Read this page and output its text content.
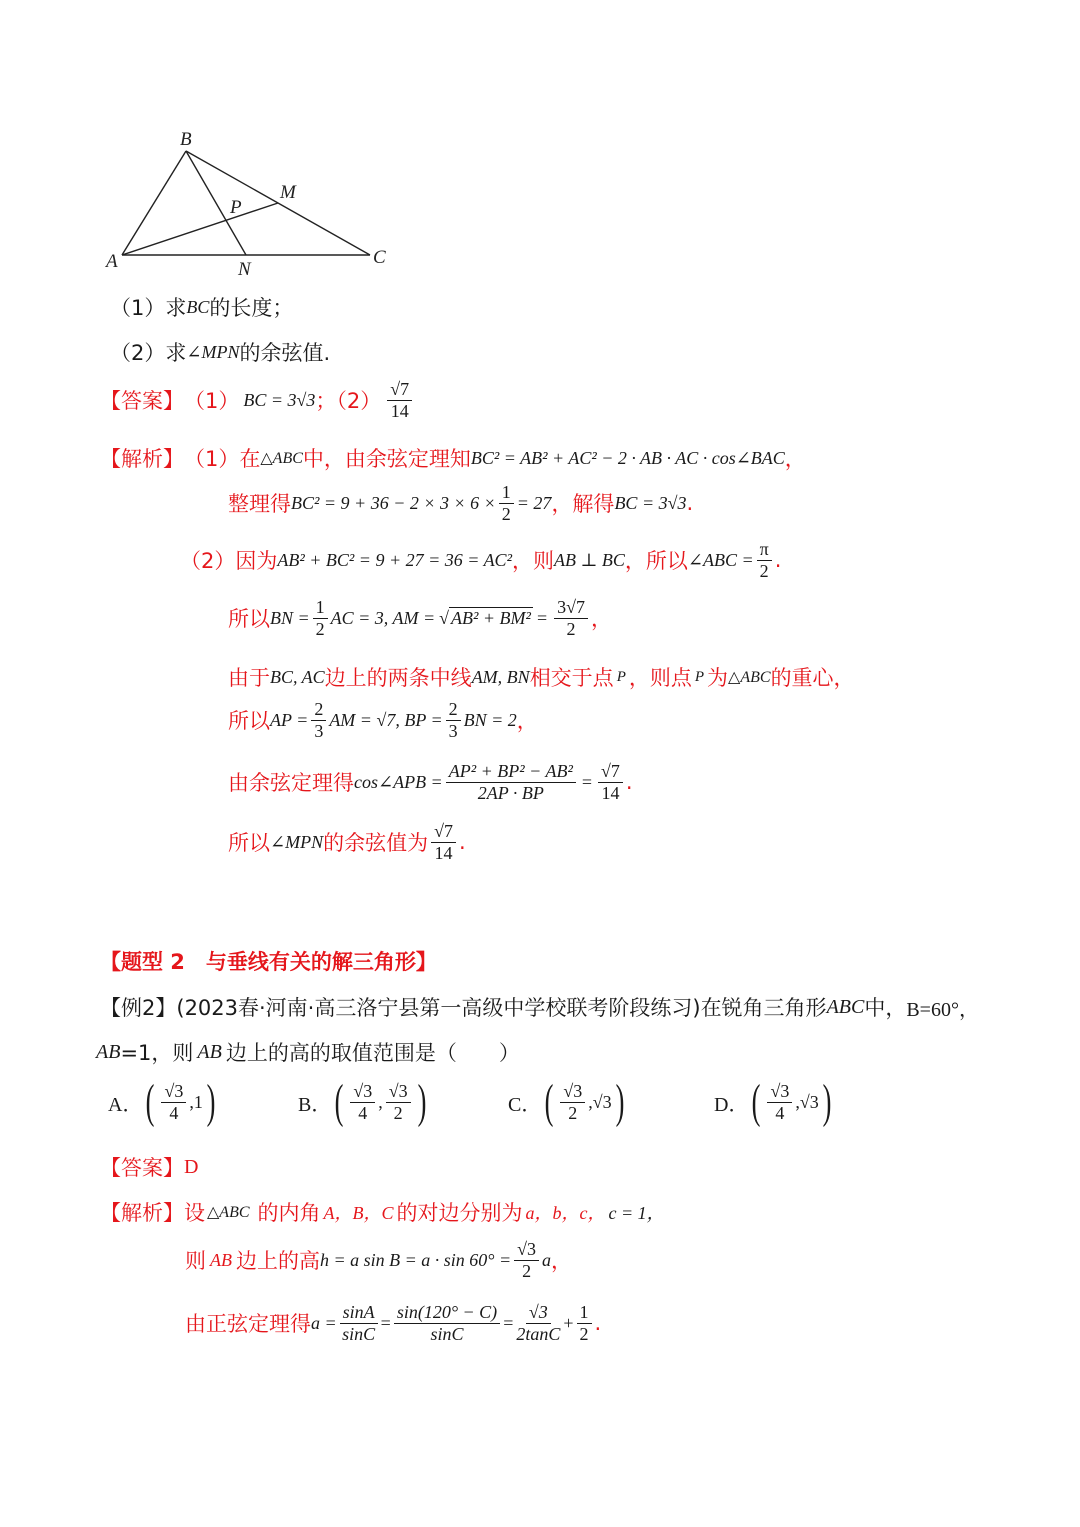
B
A	C
M
N
P
（1）求 BC 的长度；
（2）求 ∠MPN 的余弦值.
【答案】 （1） BC = 3√3 ；$(2) \frac{√7}{14}$
【解析】 （1）在 △ABC 中，由余弦定理知 BC² = AB² + AC² − 2 · AB · AC · cos∠BAC ，
整理得 $BC^2 = 9 + 36 - 2 \times 3 \times 6 \times \frac{1}{2} = 27$ ，解得 BC = 3√3 .
（2）因为 AB² + BC² = 9 + 27 = 36 = AC² ，则 AB ⊥ BC ，所以 ∠ABC = $\frac{\pi}{2}$ .
所以 BN = $\frac{1}{2}$ AC = 3, AM = √ $AB^2 + BM^2 = \frac{3√7}{2}$ ，
由于 BC, AC 边上的两条中线 AM, BN 相交于点 P ，则点 P 为 △ABC 的重心，
所以 AP = $\frac{2}{3}$ AM = √7, BP = $\frac{2}{3}$ BN = 2 ，
由余弦定理得 cos∠APB = $\frac{\text{AP² + BP² − AB²}}{2AP \cdot BP} = \frac{√7}{14}$ .
所以 ∠MPN 的余弦值为 $\frac{√7}{14}$ .
【题型 2　与垂线有关的解三角形】
【例2】 (2023春·河南·高三洛宁县第一高级中学校联考阶段练习) 在锐角三角形 ABC 中， B=60°，
AB =1，则 AB 边上的高的取值范围是（　　）
A． ( $\frac{√3}{4}$ , 1 )	B． ( $\frac{√3}{4}$ , $\frac{√3}{2}$ )	C． ( $\frac{√3}{2}$ , √3 )	D． ( $\frac{√3}{4}$ , √3 )
【答案】 D
【解析】 设 △ABC 的内角 A，B，C 的对边分别为 a，b，c， c = 1，
则 AB 边上的高 h = a $\sin B = a \cdot \sin 60^\circ = \frac{√3}{2}$ a ，
由正弦定理得 $a = \frac{\sin A}{\sin C} = \frac{\sin(120^\circ - C)}{\sin C} = \frac{√3}{2\tan C} + \frac{1}{2}$ .
